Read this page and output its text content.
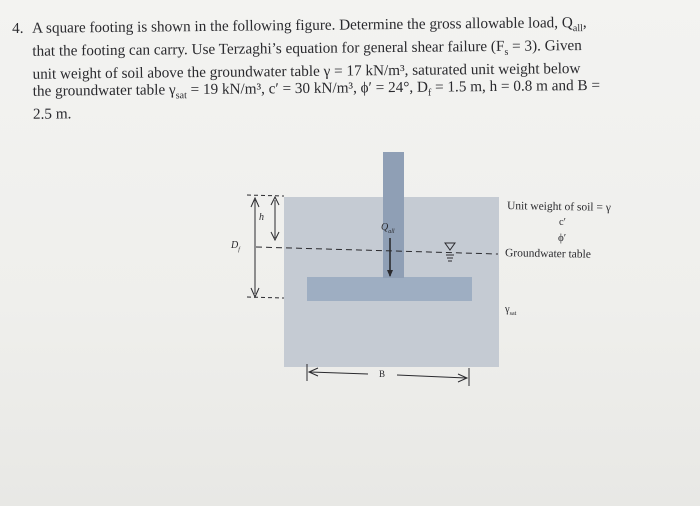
4. A square footing is shown in the following figure. Determine the gross allowable load, $Q_{all}$,
that the footing can carry. Use Terzaghi’s equation for general shear failure $(F_s = 3)$. Given
unit weight of soil above the groundwater table γ = 17 kN/m³, saturated unit weight below
the groundwater table $\gamma_{sat} = 19$ kN/m³, c′ = 30 kN/m³, ϕ′ = 24°, $D_f = 1.5$ m, h = 0.8 m and B =
2.5 m.
Unit weight of soil = γ
c′
ϕ′
Groundwater table
$\gamma_{sat}$
$Q_{all}$
h
$D_f$
B
